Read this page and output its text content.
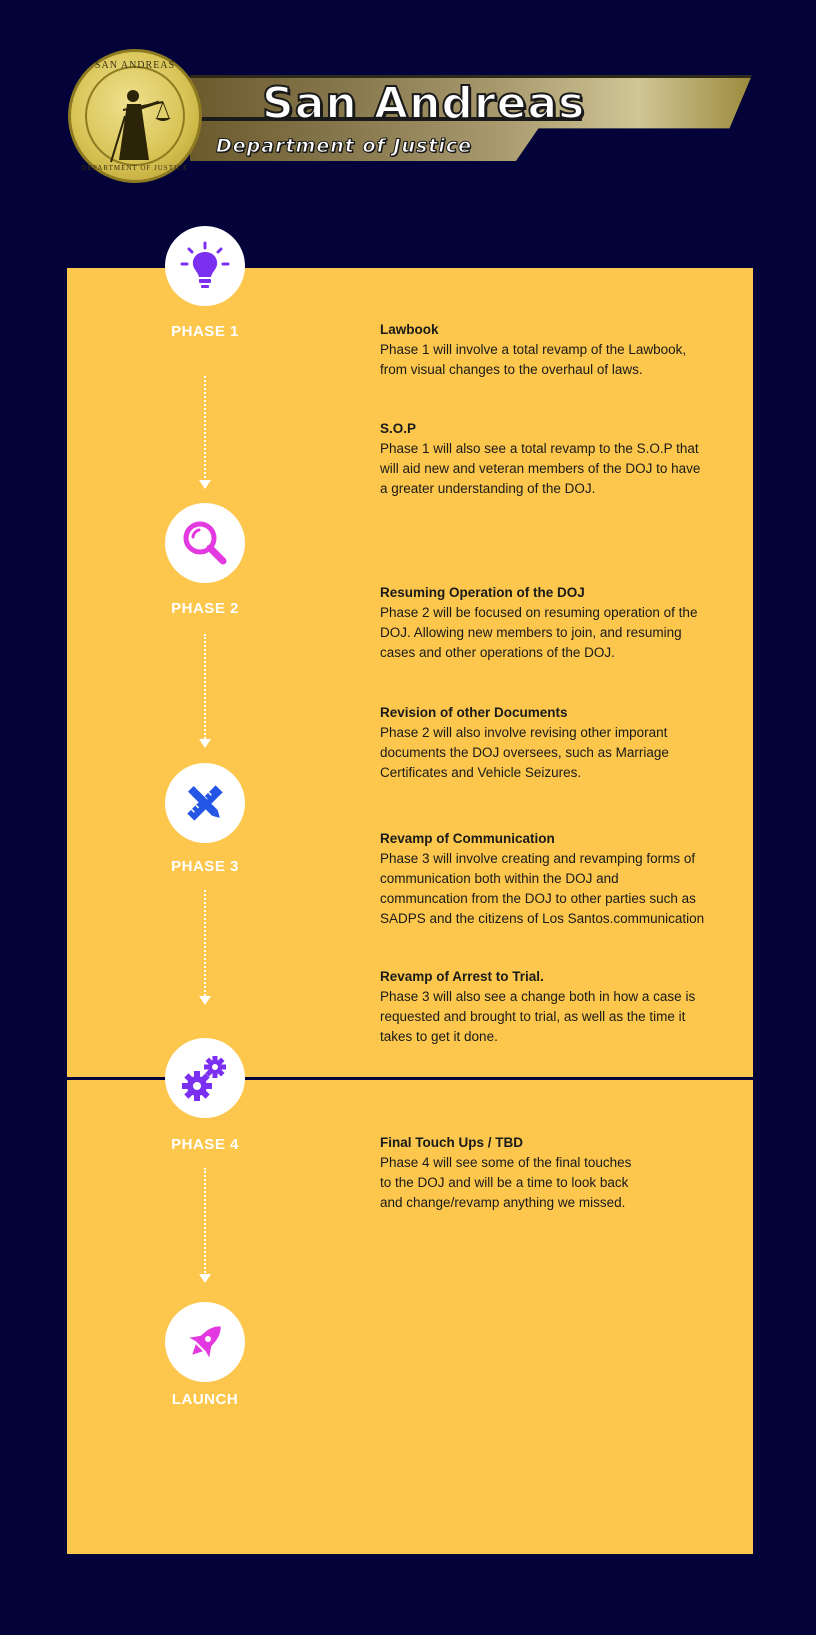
SAN ANDREAS
DEPARTMENT OF JUSTICE
San Andreas
Department of Justice
PHASE 1
PHASE 2
PHASE 3
PHASE 4
LAUNCH
Lawbook
Phase 1 will involve a total revamp of the Lawbook, from visual changes to the overhaul of laws.
S.O.P
Phase 1 will also see a total revamp to the S.O.P that will aid new and veteran members of the DOJ to have a greater understanding of the DOJ.
Resuming Operation of the DOJ
Phase 2 will be focused on resuming operation of the DOJ. Allowing new members to join, and resuming cases and other operations of the DOJ.
Revision of other Documents
Phase 2 will also involve revising other imporant documents the DOJ oversees, such as Marriage Certificates and Vehicle Seizures.
Revamp of Communication
Phase 3 will involve creating and revamping forms of communication both within the DOJ and communcation from the DOJ to other parties such as SADPS and the citizens of Los Santos.communication
Revamp of Arrest to Trial.
Phase 3 will also see a change both in how a case is requested and brought to trial, as well as the time it takes to get it done.
Final Touch Ups / TBD
Phase 4 will see some of the final touches to the DOJ and will be a time to look back and change/revamp anything we missed.
